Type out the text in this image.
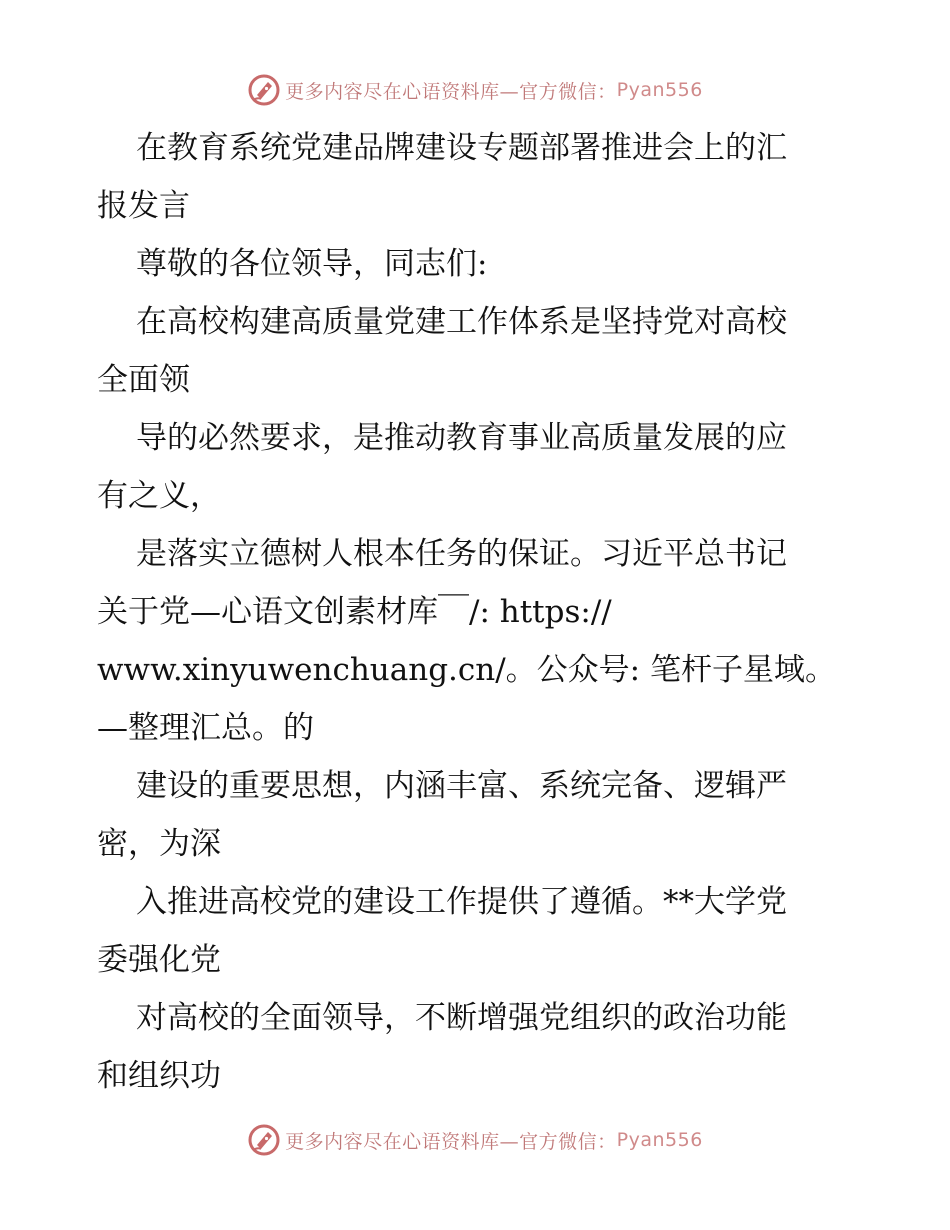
更多内容尽在心语资料库—官方微信： Pyan556
在教育系统党建品牌建设专题部署推进会上的汇
报发言
尊敬的各位领导，同志们:
在高校构建高质量党建工作体系是坚持党对高校
全面领
导的必然要求，是推动教育事业高质量发展的应
有之义，
是落实立德树人根本任务的保证。习近平总书记
关于党—心语文创素材库￣/: https://
www.xinyuwenchuang.cn/。公众号: 笔杆子星域。
—整理汇总。的
建设的重要思想，内涵丰富、系统完备、逻辑严
密，为深
入推进高校党的建设工作提供了遵循。**大学党
委强化党
对高校的全面领导，不断增强党组织的政治功能
和组织功
更多内容尽在心语资料库—官方微信： Pyan556
